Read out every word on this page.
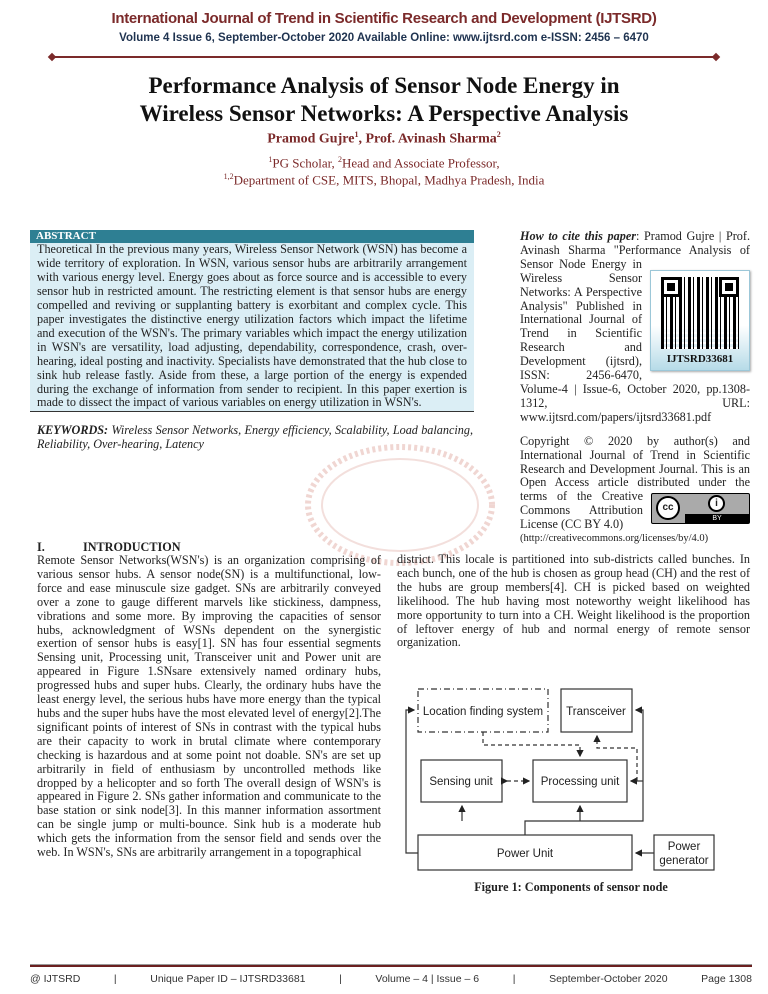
International Journal of Trend in Scientific Research and Development (IJTSRD)
Volume 4 Issue 6, September-October 2020 Available Online: www.ijtsrd.com e-ISSN: 2456 – 6470
Performance Analysis of Sensor Node Energy in
Wireless Sensor Networks: A Perspective Analysis
Pramod Gujre$^1$, Prof. Avinash Sharma$^2$
$^1$PG Scholar, $^2$Head and Associate Professor,
$^{1,2}$Department of CSE, MITS, Bhopal, Madhya Pradesh, India
ABSTRACT
Theoretical In the previous many years, Wireless Sensor Network (WSN) has become a wide territory of exploration. In WSN, various sensor hubs are arbitrarily arrangement with various energy level. Energy goes about as force source and is accessible to every sensor hub in restricted amount. The restricting element is that sensor hubs are energy compelled and reviving or supplanting battery is exorbitant and complex cycle. This paper investigates the distinctive energy utilization factors which impact the lifetime and execution of the WSN's. The primary variables which impact the energy utilization in WSN's are versatility, load adjusting, dependability, correspondence, crash, over-hearing, ideal posting and inactivity. Specialists have demonstrated that the hub close to sink hub release fastly. Aside from these, a large portion of the energy is expended during the exchange of information from sender to recipient. In this paper exertion is made to dissect the impact of various variables on energy utilization in WSN's.
KEYWORDS: Wireless Sensor Networks, Energy efficiency, Scalability, Load balancing, Reliability, Over-hearing, Latency
IJTSRD33681
How to cite this paper: Pramod Gujre | Prof. Avinash Sharma "Performance Analysis of Sensor Node Energy in Wireless Sensor Networks: A Perspective Analysis" Published in International Journal of Trend in Scientific Research and Development (ijtsrd), ISSN: 2456-6470, Volume-4 | Issue-6, October 2020, pp.1308-1312, URL: www.ijtsrd.com/papers/ijtsrd33681.pdf
cc	i
BY
Copyright © 2020 by author(s) and International Journal of Trend in Scientific Research and Development Journal. This is an Open Access article distributed under the terms of the Creative Commons Attribution License (CC BY 4.0)
(http://creativecommons.org/licenses/by/4.0)
district. This locale is partitioned into sub-districts called bunches. In each bunch, one of the hub is chosen as group head (CH) and the rest of the hubs are group members[4]. CH is picked based on weighted likelihood. The hub having most noteworthy weight likelihood has more opportunity to turn into a CH. Weight likelihood is the proportion of leftover energy of hub and normal energy of remote sensor organization.
I.	INTRODUCTION
Remote Sensor Networks(WSN's) is an organization comprising of various sensor hubs. A sensor node(SN) is a multifunctional, low-force and ease minuscule size gadget. SNs are arbitrarily conveyed over a zone to gauge different marvels like stickiness, dampness, vibrations and some more. By improving the capacities of sensor hubs, acknowledgment of WSNs dependent on the synergistic exertion of sensor hubs is easy[1]. SN has four essential segments Sensing unit, Processing unit, Transceiver unit and Power unit are appeared in Figure 1.SNsare extensively named ordinary hubs, progressed hubs and super hubs. Clearly, the ordinary hubs have the least energy level, the serious hubs have more energy than the typical hubs and the super hubs have the most elevated level of energy[2].The significant points of interest of SNs in contrast with the typical hubs are their capacity to work in brutal climate where contemporary checking is hazardous and at some point not doable. SN's are set up arbitrarily in field of enthusiasm by uncontrolled methods like dropped by a helicopter and so forth The overall design of WSN's is appeared in Figure 2. SNs gather information and communicate to the base station or sink node[3]. In this manner information assortment can be single jump or multi-bounce. Sink hub is a moderate hub which gets the information from the sensor field and sends over the web. In WSN's, SNs are arbitrarily arrangement in a topographical
Location finding system Transceiver
Sensing unit	Processing unit
Power Unit
Power
generator
Figure 1: Components of sensor node
@ IJTSRD	|	Unique Paper ID – IJTSRD33681	|	Volume – 4 | Issue – 6	|	September-October 2020	Page 1308
